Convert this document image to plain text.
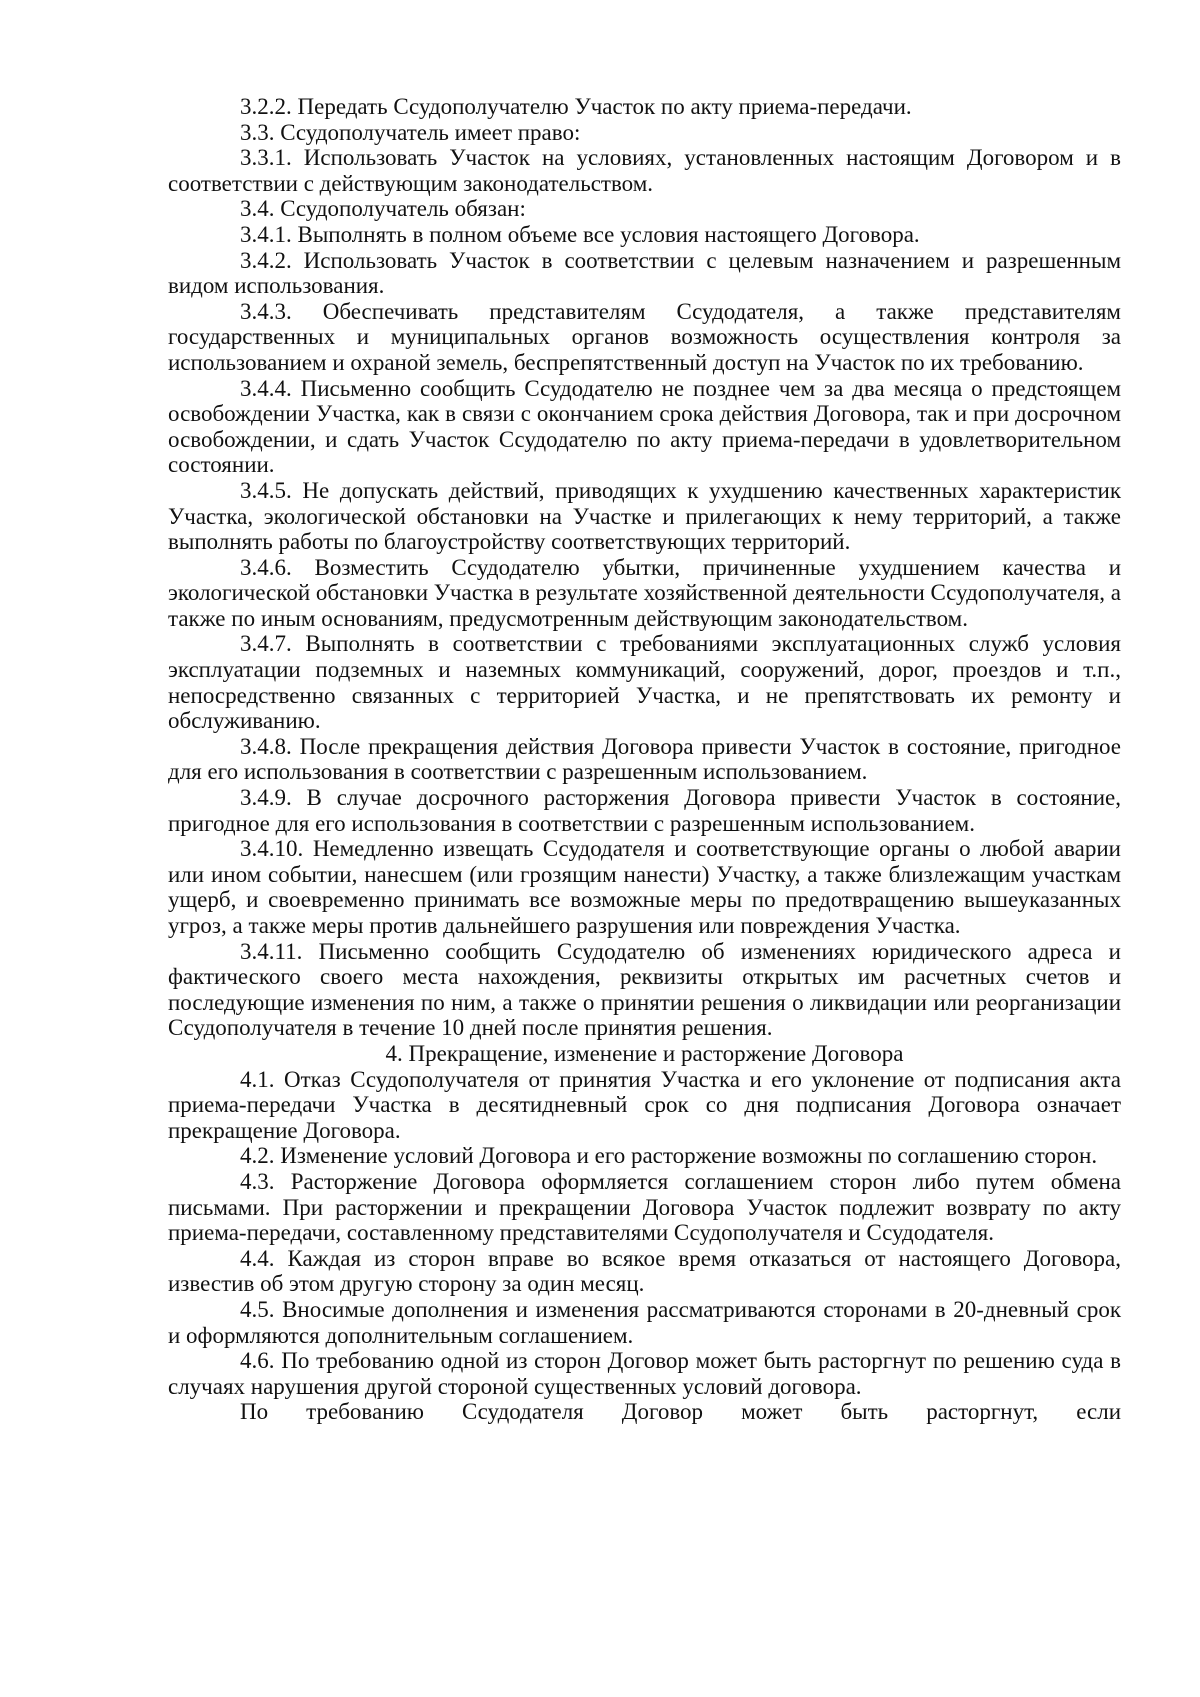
3.2.2. Передать Ссудополучателю Участок по акту приема-передачи.

3.3. Ссудополучатель имеет право:

3.3.1. Использовать Участок на условиях, установленных настоящим Договором и в соответствии с действующим законодательством.

3.4. Ссудополучатель обязан:

3.4.1. Выполнять в полном объеме все условия настоящего Договора.

3.4.2. Использовать Участок в соответствии с целевым назначением и разрешенным видом использования.

3.4.3. Обеспечивать представителям Ссудодателя, а также представителям государственных и муниципальных органов возможность осуществления контроля за использованием и охраной земель, беспрепятственный доступ на Участок по их требованию.

3.4.4. Письменно сообщить Ссудодателю не позднее чем за два месяца о предстоящем освобождении Участка, как в связи с окончанием срока действия Договора, так и при досрочном освобождении, и сдать Участок Ссудодателю по акту приема-передачи в удовлетворительном состоянии.

3.4.5. Не допускать действий, приводящих к ухудшению качественных характеристик Участка, экологической обстановки на Участке и прилегающих к нему территорий, а также выполнять работы по благоустройству соответствующих территорий.

3.4.6. Возместить Ссудодателю убытки, причиненные ухудшением качества и экологической обстановки Участка в результате хозяйственной деятельности Ссудополучателя, а также по иным основаниям, предусмотренным действующим законодательством.

3.4.7. Выполнять в соответствии с требованиями эксплуатационных служб условия эксплуатации подземных и наземных коммуникаций, сооружений, дорог, проездов и т.п., непосредственно связанных с территорией Участка, и не препятствовать их ремонту и обслуживанию.

3.4.8. После прекращения действия Договора привести Участок в состояние, пригодное для его использования в соответствии с разрешенным использованием.

3.4.9. В случае досрочного расторжения Договора привести Участок в состояние, пригодное для его использования в соответствии с разрешенным использованием.

3.4.10. Немедленно извещать Ссудодателя и соответствующие органы о любой аварии или ином событии, нанесшем (или грозящим нанести) Участку, а также близлежащим участкам ущерб, и своевременно принимать все возможные меры по предотвращению вышеуказанных угроз, а также меры против дальнейшего разрушения или повреждения Участка.

3.4.11. Письменно сообщить Ссудодателю об изменениях юридического адреса и фактического своего места нахождения, реквизиты открытых им расчетных счетов и последующие изменения по ним, а также о принятии решения о ликвидации или реорганизации Ссудополучателя в течение 10 дней после принятия решения.

4. Прекращение, изменение и расторжение Договора

4.1. Отказ Ссудополучателя от принятия Участка и его уклонение от подписания акта приема-передачи Участка в десятидневный срок со дня подписания Договора означает прекращение Договора.

4.2. Изменение условий Договора и его расторжение возможны по соглашению сторон.

4.3. Расторжение Договора оформляется соглашением сторон либо путем обмена письмами. При расторжении и прекращении Договора Участок подлежит возврату по акту приема-передачи, составленному представителями Ссудополучателя и Ссудодателя.

4.4. Каждая из сторон вправе во всякое время отказаться от настоящего Договора, известив об этом другую сторону за один месяц.

4.5. Вносимые дополнения и изменения рассматриваются сторонами в 20-дневный срок и оформляются дополнительным соглашением.

4.6. По требованию одной из сторон Договор может быть расторгнут по решению суда в случаях нарушения другой стороной существенных условий договора.

По требованию Ссудодателя Договор может быть расторгнут, если
